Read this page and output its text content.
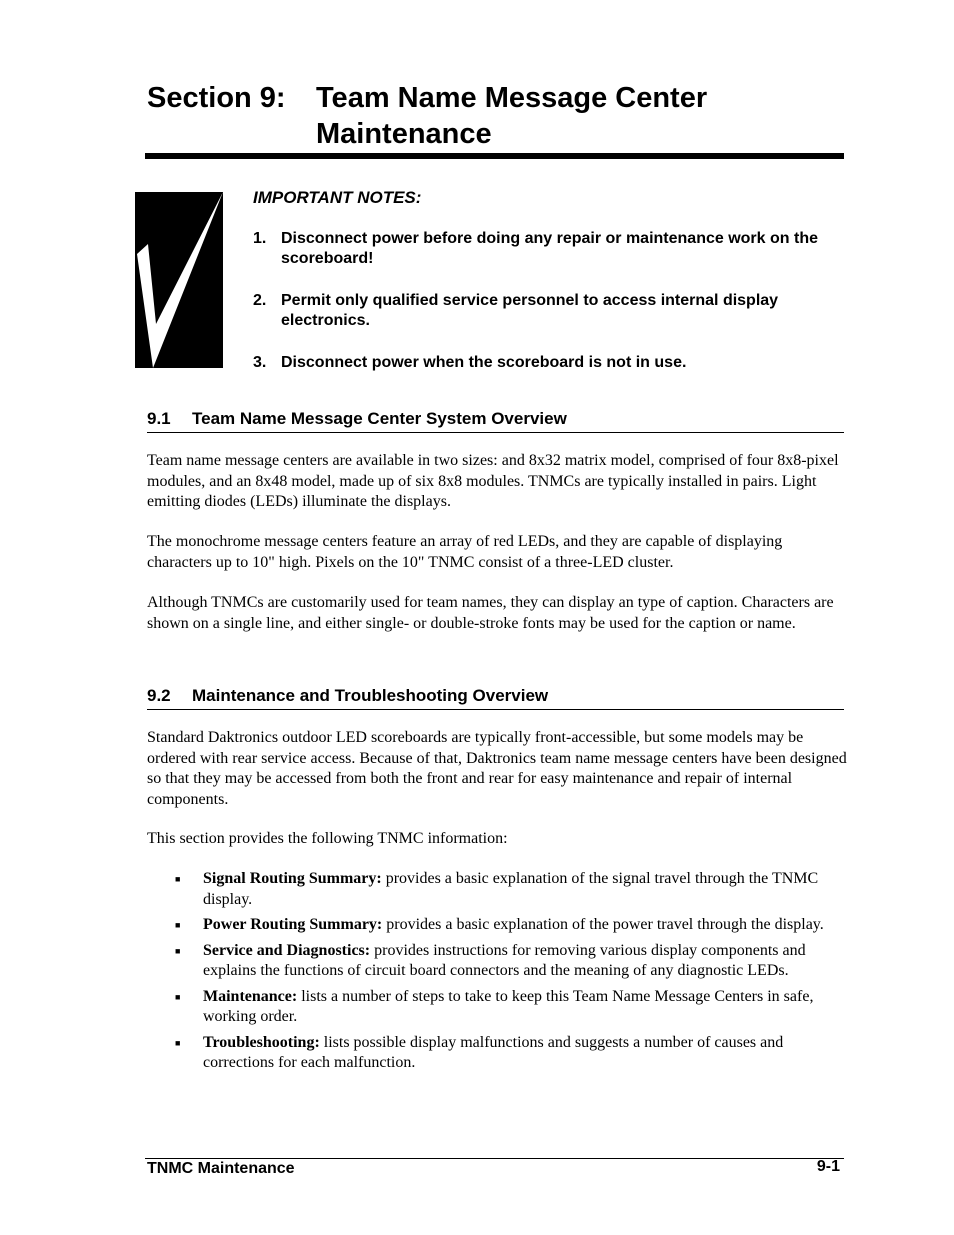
Section 9:	Team Name Message Center
Maintenance
IMPORTANT NOTES:
1. Disconnect power before doing any repair or maintenance work on the scoreboard!
2. Permit only qualified service personnel to access internal display electronics.
3. Disconnect power when the scoreboard is not in use.
9.1	Team Name Message Center System Overview
Team name message centers are available in two sizes: and 8x32 matrix model, comprised of four 8x8-pixel modules, and an 8x48 model, made up of six 8x8 modules. TNMCs are typically installed in pairs. Light emitting diodes (LEDs) illuminate the displays.
The monochrome message centers feature an array of red LEDs, and they are capable of displaying characters up to 10" high. Pixels on the 10" TNMC consist of a three-LED cluster.
Although TNMCs are customarily used for team names, they can display an type of caption. Characters are shown on a single line, and either single- or double-stroke fonts may be used for the caption or name.
9.2	Maintenance and Troubleshooting Overview
Standard Daktronics outdoor LED scoreboards are typically front-accessible, but some models may be ordered with rear service access. Because of that, Daktronics team name message centers have been designed so that they may be accessed from both the front and rear for easy maintenance and repair of internal components.
This section provides the following TNMC information:
■	Signal Routing Summary: provides a basic explanation of the signal travel through the TNMC display.
■	Power Routing Summary: provides a basic explanation of the power travel through the display.
■	Service and Diagnostics: provides instructions for removing various display components and explains the functions of circuit board connectors and the meaning of any diagnostic LEDs.
■	Maintenance: lists a number of steps to take to keep this Team Name Message Centers in safe, working order.
■	Troubleshooting: lists possible display malfunctions and suggests a number of causes and corrections for each malfunction.
TNMC Maintenance	9-1
